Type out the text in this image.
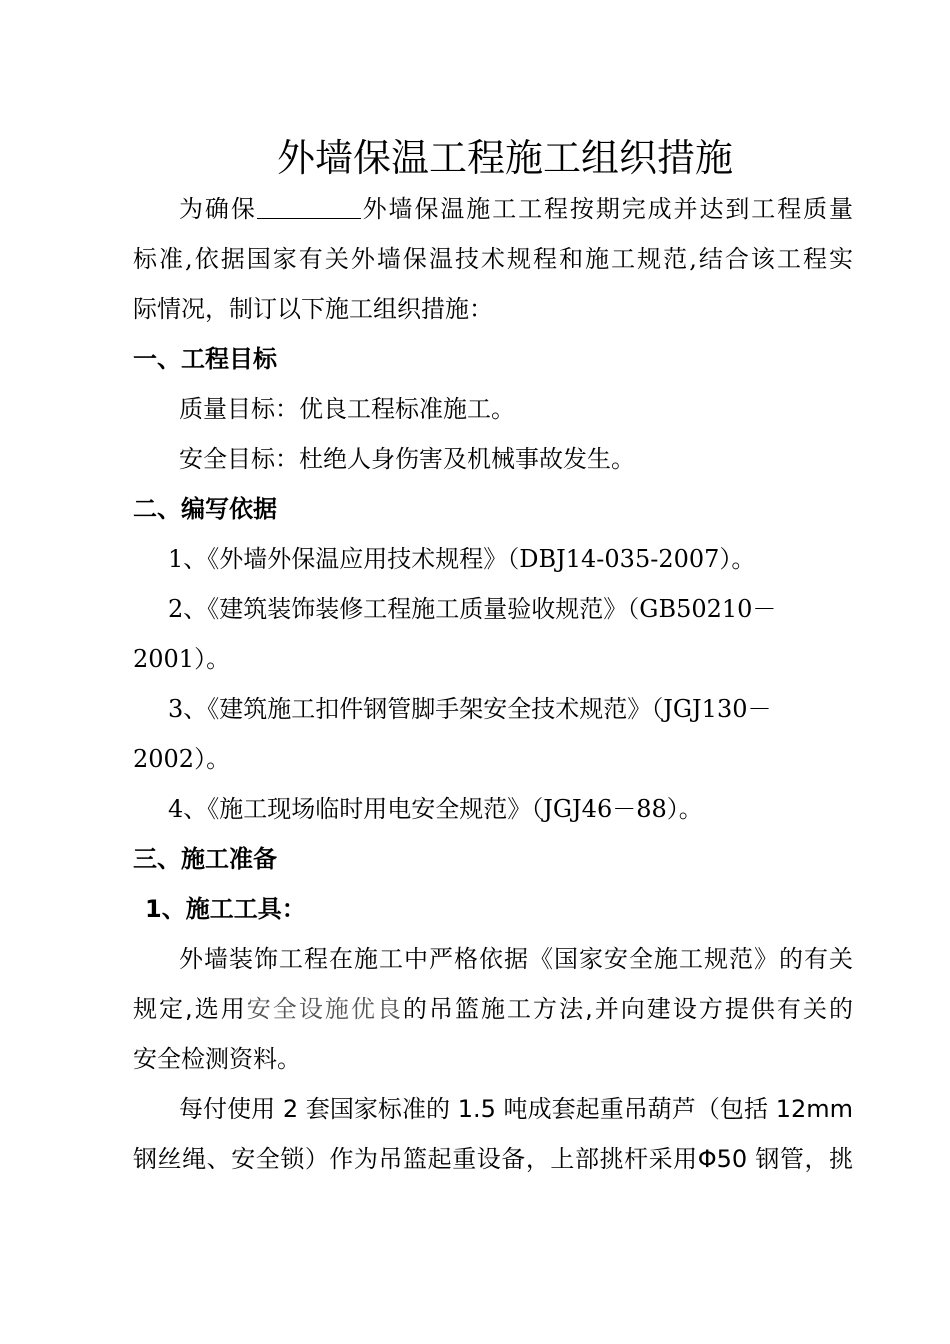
外墙保温工程施工组织措施
为确保	外墙保温施工工程按期完成并达到工程质量
标准,依据国家有关外墙保温技术规程和施工规范,结合该工程实
际情况，制订以下施工组织措施：
一、工程目标
质量目标：优良工程标准施工。
安全目标：杜绝人身伤害及机械事故发生。
二、编写依据
1、《外墙外保温应用技术规程》（DBJ14-035-2007）。
2、《建筑装饰装修工程施工质量验收规范》（GB50210－
2001）。
3、《建筑施工扣件钢管脚手架安全技术规范》（JGJ130－
2002）。
4、《施工现场临时用电安全规范》（JGJ46－88）。
三、施工准备
1、施工工具：
外墙装饰工程在施工中严格依据《国家安全施工规范》的有关
规定,选用安全设施优良的吊篮施工方法,并向建设方提供有关的
安全检测资料。
每付使用 2 套国家标准的 1.5 吨成套起重吊葫芦（包括 12mm
钢丝绳、安全锁）作为吊篮起重设备，上部挑杆采用Φ50 钢管，挑
